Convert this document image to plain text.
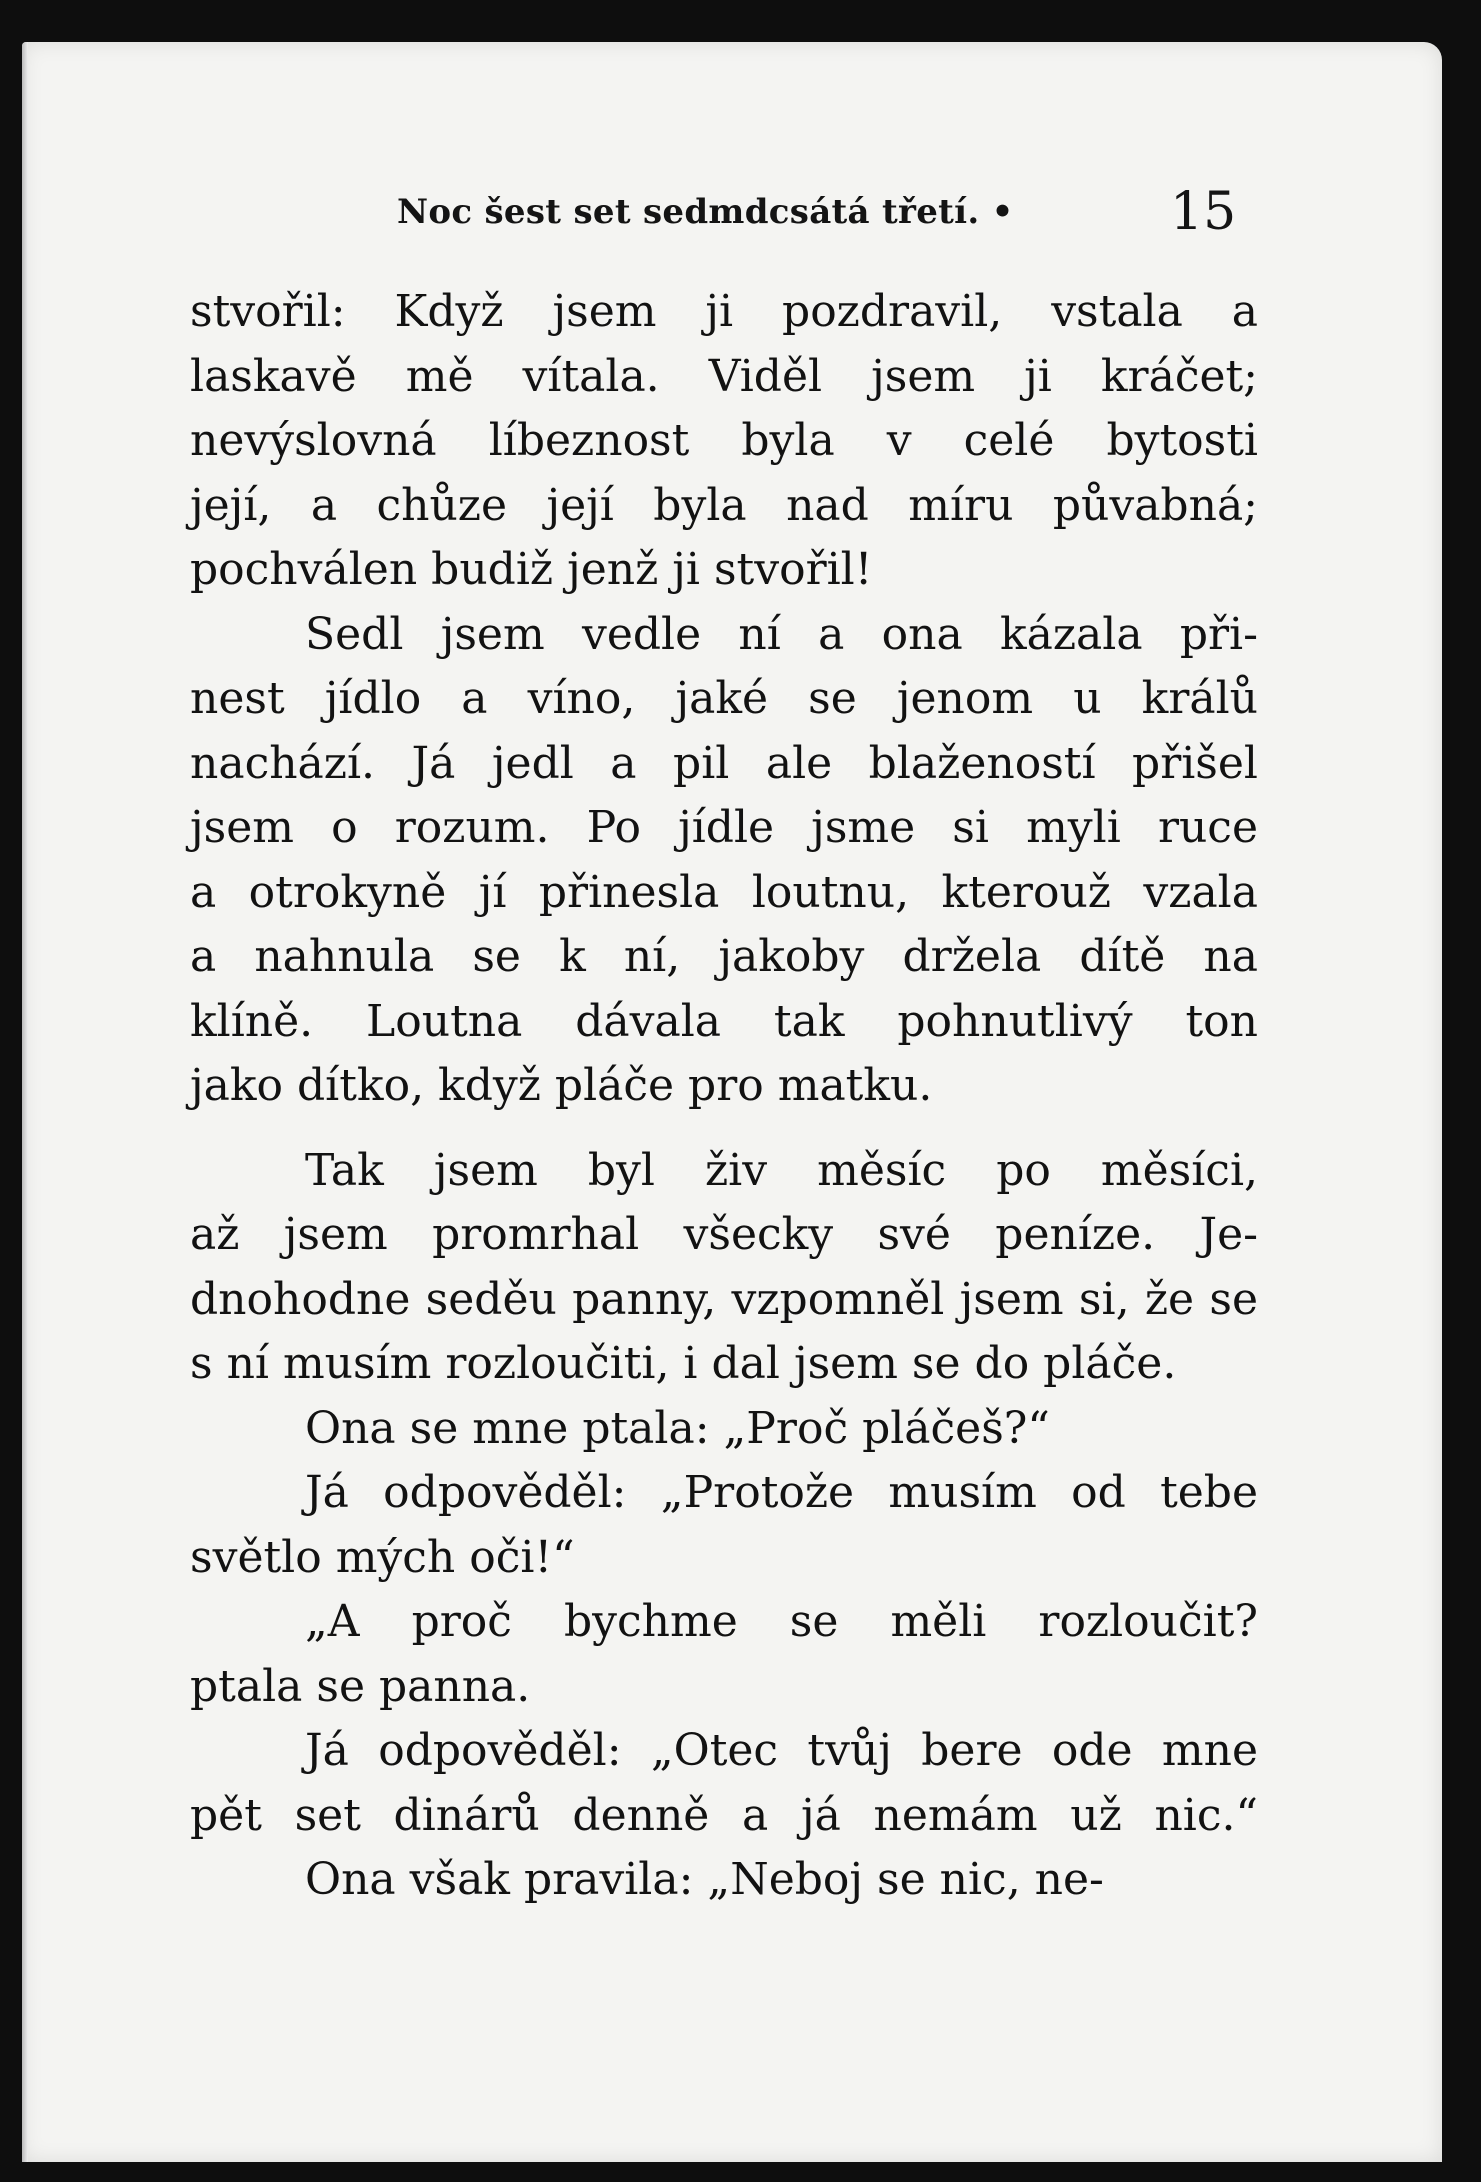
Noc šest set sedmdcsátá třetí. •	15
stvořil: Když jsem ji pozdravil, vstala a
laskavě mě vítala. Viděl jsem ji kráčet;
nevýslovná líbeznost byla v celé bytosti
její, a chůze její byla nad míru půvabná;
pochválen budiž jenž ji stvořil!
Sedl jsem vedle ní a ona kázala při-
nest jídlo a víno, jaké se jenom u králů
nachází. Já jedl a pil ale blažeností přišel
jsem o rozum. Po jídle jsme si myli ruce
a otrokyně jí přinesla loutnu, kterouž vzala
a nahnula se k ní, jakoby držela dítě na
klíně. Loutna dávala tak pohnutlivý ton
jako dítko, když pláče pro matku.
Tak jsem byl živ měsíc po měsíci,
až jsem promrhal všecky své peníze. Je-
dnohodne seděu panny, vzpomněl jsem si, že se
s ní musím rozloučiti, i dal jsem se do pláče.
Ona se mne ptala: „Proč pláčeš?“
Já odpověděl: „Protože musím od tebe
světlo mých oči!“
„A proč bychme se měli rozloučit?
ptala se panna.
Já odpověděl: „Otec tvůj bere ode mne
pět set dinárů denně a já nemám už nic.“
Ona však pravila: „Neboj se nic, ne-
